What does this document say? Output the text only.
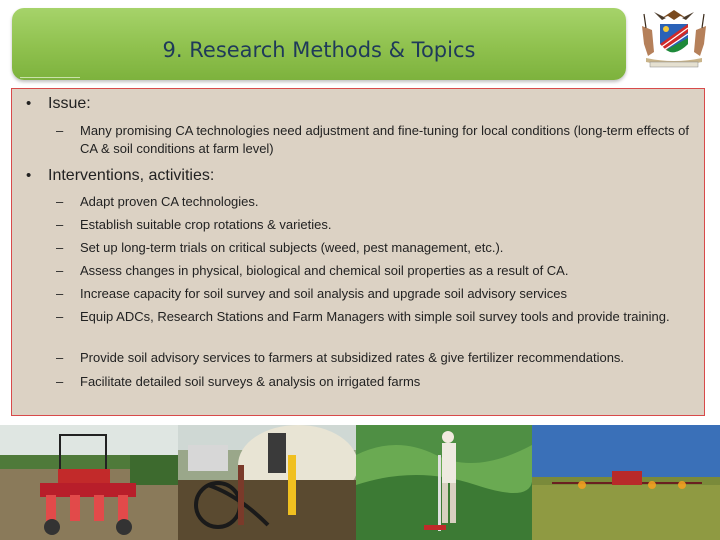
9. Research Methods & Topics
• Issue:
– Many promising CA technologies need adjustment and fine-tuning for local conditions (long-term effects of CA & soil conditions at farm level)
• Interventions, activities:
– Adapt proven CA technologies.
– Establish suitable crop rotations & varieties.
– Set up long-term trials on critical subjects (weed, pest management, etc.).
– Assess changes in physical, biological and chemical soil properties as a result of CA.
– Increase capacity for soil survey and soil analysis and upgrade soil advisory services
– Equip ADCs, Research Stations and Farm Managers with simple soil survey tools and provide training.
– Provide soil advisory services to farmers at subsidized rates & give fertilizer recommendations.
– Facilitate detailed soil surveys & analysis on irrigated farms
